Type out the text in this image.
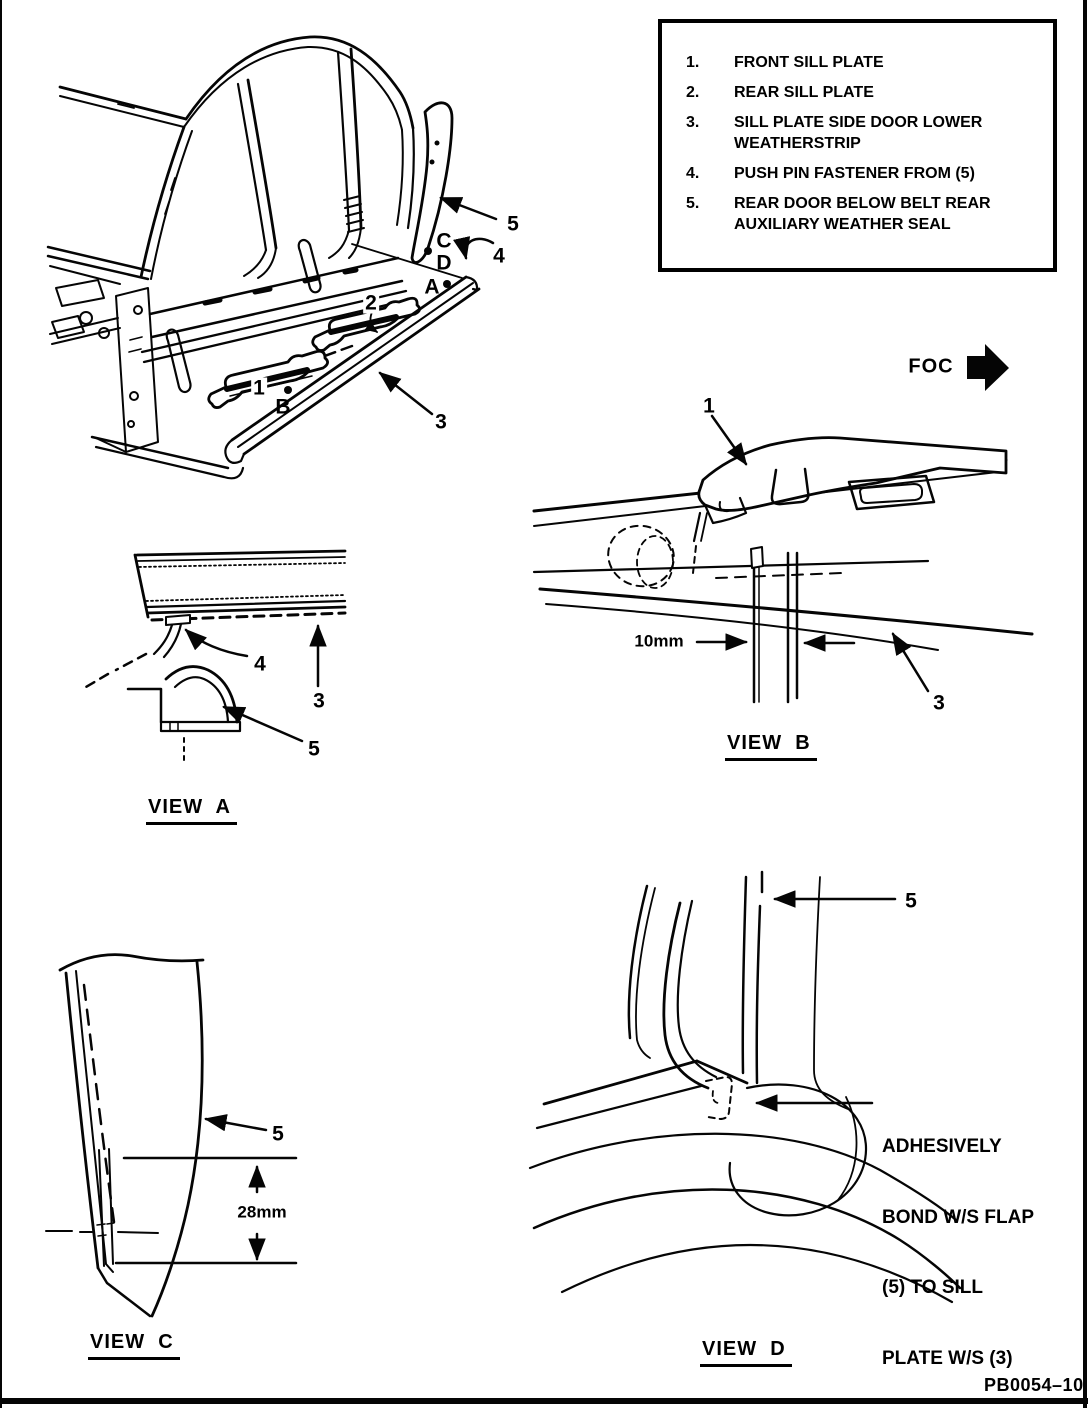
1.	FRONT SILL PLATE
2.	REAR SILL PLATE
3.	SILL PLATE SIDE DOOR LOWER WEATHERSTRIP
4.	PUSH PIN FASTENER FROM (5)
5.	REAR DOOR BELOW BELT REAR AUXILIARY WEATHER SEAL
FOC
5
C
D
A
4
2
1
B
3
4
3
5
VIEW  A
1
10mm
3
VIEW  B
5
28mm
VIEW  C
5

ADHESIVELY

BOND W/S FLAP

(5) TO SILL

PLATE W/S (3)

VIEW  D
PB0054–10
